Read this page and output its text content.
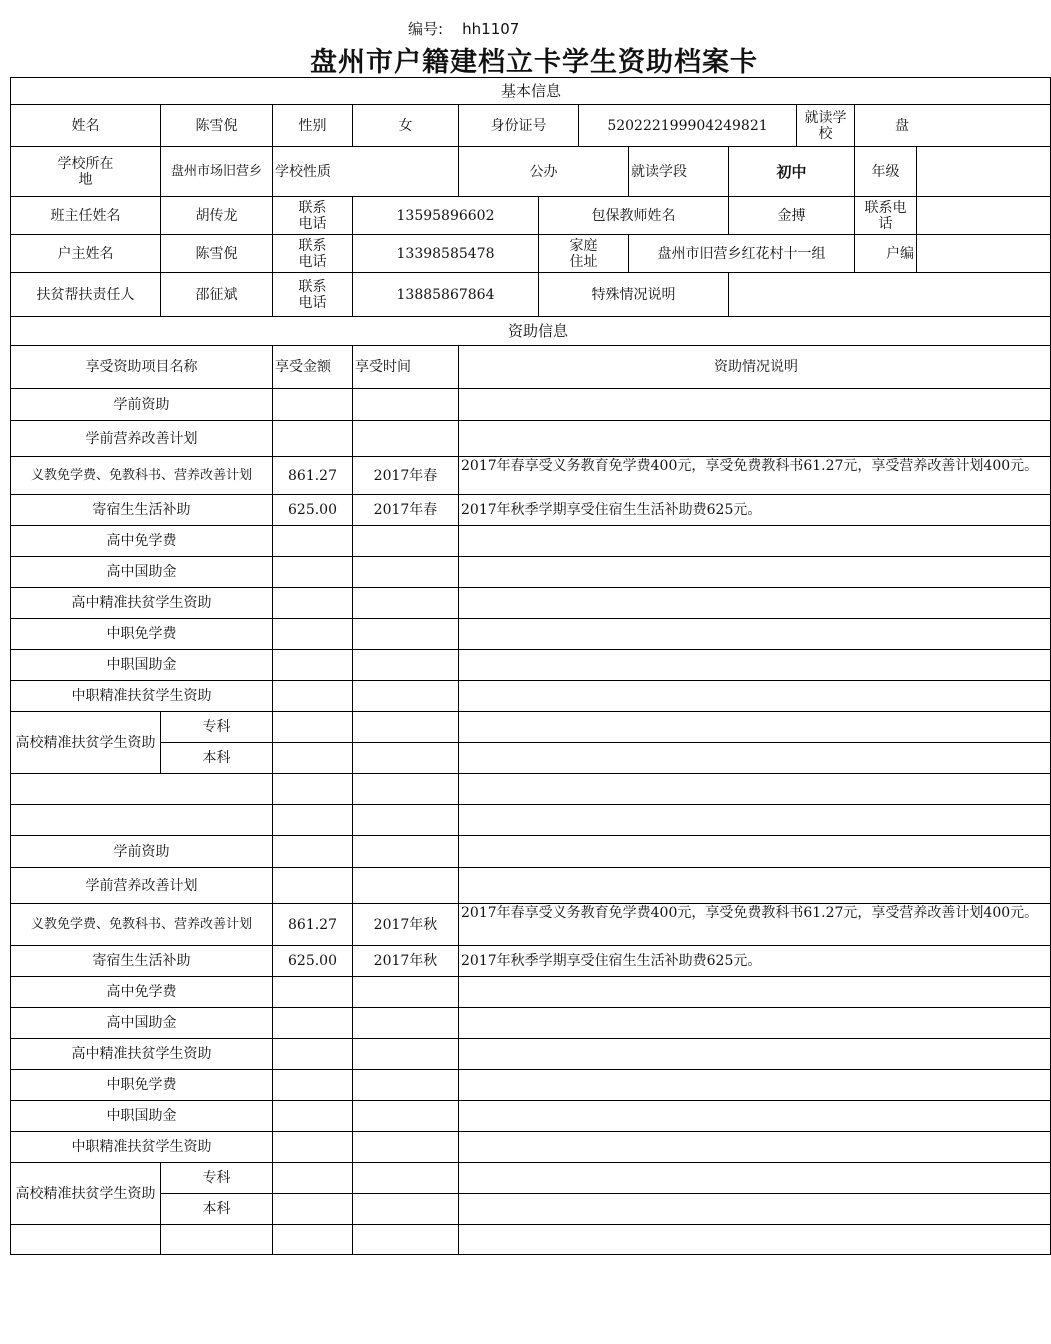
编号: hh1107
盘州市户籍建档立卡学生资助档案卡
基本信息											
姓名	陈雪倪	性别	女	身份证号		520222199904249821			就读学校	盘	
学校所在地	盘州市场旧营乡	学校性质		公办			就读学段	初中		年级	
班主任姓名	胡传龙	联系电话	13595896602		包保教师姓名			金搏		联系电话	
户主姓名	陈雪倪	联系电话	13398585478		家庭住址		盘州市旧营乡红花村十一组			户编	
扶贫帮扶责任人	邵征斌	联系电话	13885867864		特殊情况说明						
资助信息											
享受资助项目名称		享受金额	享受时间	资助情况说明							
学前资助											
学前营养改善计划											
义教免学费、免教科书、营养改善计划		861.27	2017年春	2017年春享受义务教育免学费400元，享受免费教科书61.27元，享受营养改善计划400元。							
寄宿生生活补助		625.00	2017年春	2017年秋季学期享受住宿生生活补助费625元。							
高中免学费											
高中国助金											
高中精准扶贫学生资助											
中职免学费											
中职国助金											
中职精准扶贫学生资助											
高校精准扶贫学生资助	专科										
	本科										

学前资助											
学前营养改善计划											
义教免学费、免教科书、营养改善计划		861.27	2017年秋	2017年春享受义务教育免学费400元，享受免费教科书61.27元，享受营养改善计划400元。							
寄宿生生活补助		625.00	2017年秋	2017年秋季学期享受住宿生生活补助费625元。							
高中免学费											
高中国助金											
高中精准扶贫学生资助											
中职免学费											
中职国助金											
中职精准扶贫学生资助											
高校精准扶贫学生资助	专科										
	本科										
